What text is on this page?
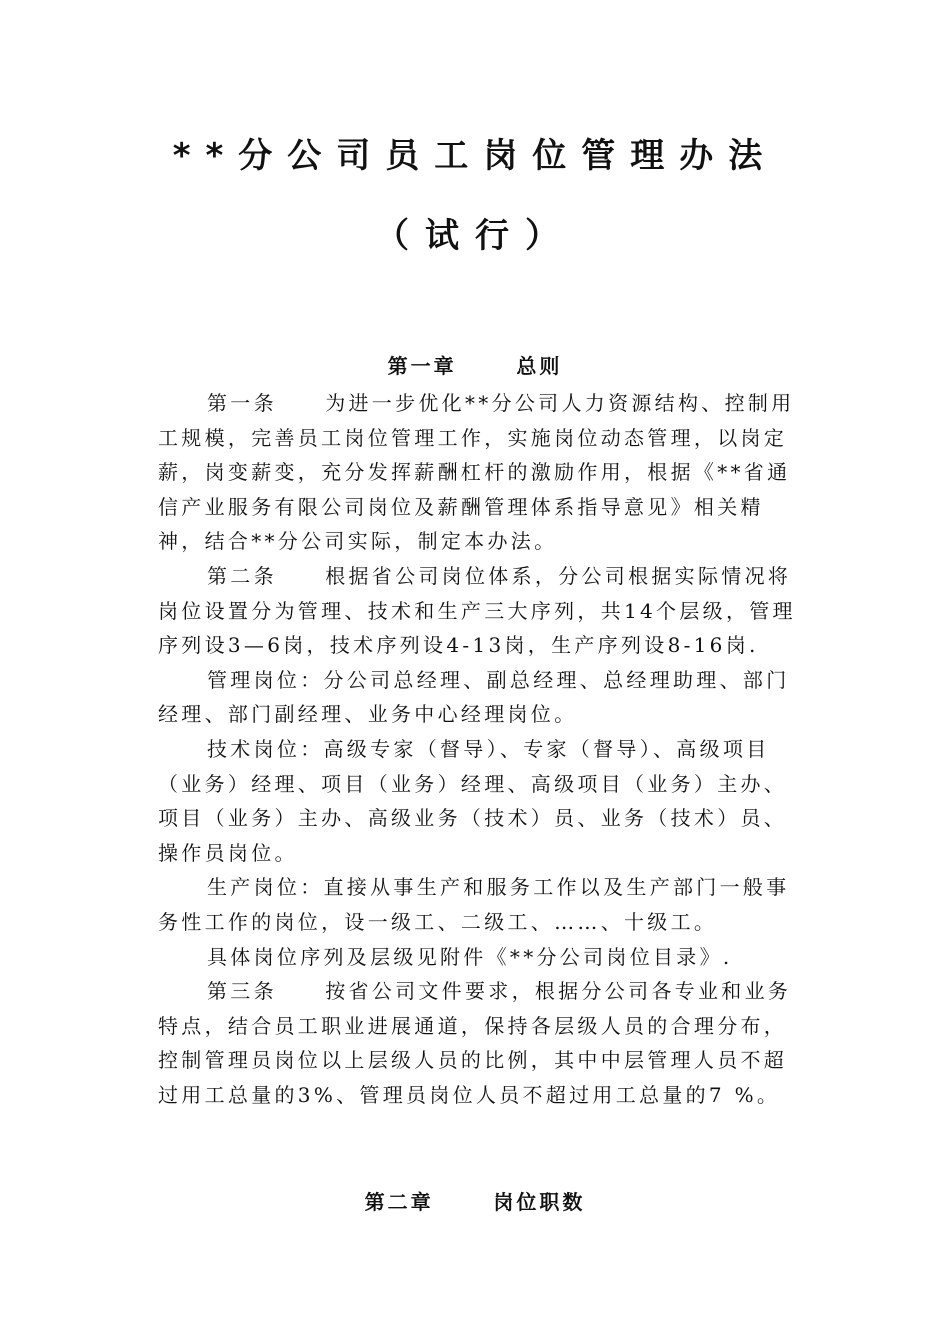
**分公司员工岗位管理办法
（试行）
第一章      总则

第一条     为进一步优化**分公司人力资源结构、控制用工规模，完善员工岗位管理工作，实施岗位动态管理，以岗定薪，岗变薪变，充分发挥薪酬杠杆的激励作用，根据《**省通信产业服务有限公司岗位及薪酬管理体系指导意见》相关精神，结合**分公司实际，制定本办法。

第二条     根据省公司岗位体系，分公司根据实际情况将岗位设置分为管理、技术和生产三大序列，共14个层级，管理序列设3—6岗，技术序列设4-13岗，生产序列设8-16岗.

管理岗位：分公司总经理、副总经理、总经理助理、部门经理、部门副经理、业务中心经理岗位。

技术岗位：高级专家（督导）、专家（督导）、高级项目（业务）经理、项目（业务）经理、高级项目（业务）主办、项目（业务）主办、高级业务（技术）员、业务（技术）员、操作员岗位。

生产岗位：直接从事生产和服务工作以及生产部门一般事务性工作的岗位，设一级工、二级工、……、十级工。

具体岗位序列及层级见附件《**分公司岗位目录》.

第三条     按省公司文件要求，根据分公司各专业和业务特点，结合员工职业进展通道，保持各层级人员的合理分布，控制管理员岗位以上层级人员的比例，其中中层管理人员不超过用工总量的3%、管理员岗位人员不超过用工总量的7 %。

第二章      岗位职数
